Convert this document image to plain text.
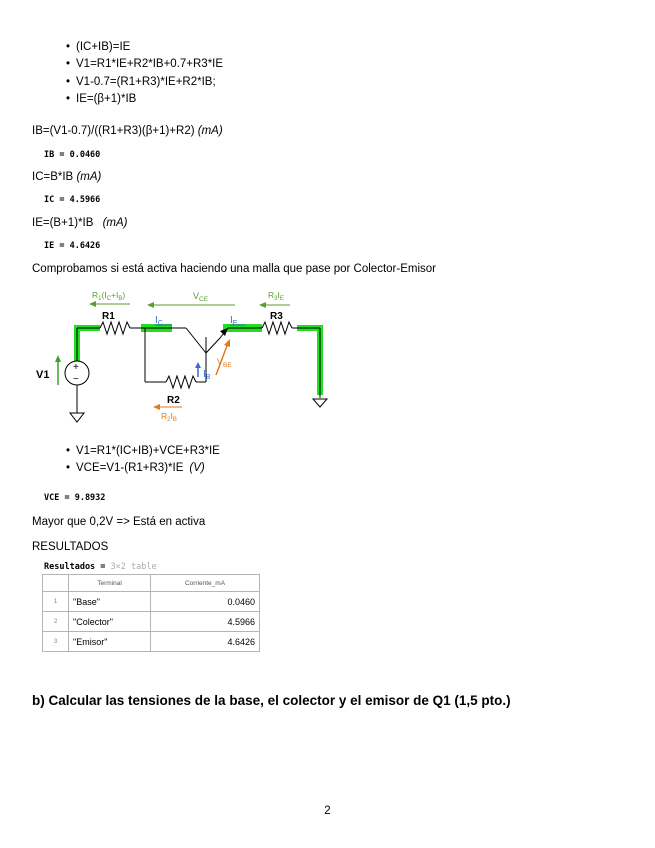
• (IC+IB)=IE
• V1=R1*IE+R2*IB+0.7+R3*IE
• V1-0.7=(R1+R3)*IE+R2*IB;
• IE=(β+1)*IB
IB=(V1-0.7)/((R1+R3)(β+1)+R2) (mA)
IB = 0.0460
IC=B*IB (mA)
IC = 4.5966
IE=(B+1)*IB (mA)
IE = 4.6426
Comprobamos si está activa haciendo una malla que pase por Colector-Emisor
+
−
R1	R3
R2
V1
$I_C$	$I_E$
$I_B$
$V_{BE}$
$V_{CE}$
$R_1(I_C+I_B)$	$R_3I_E$
$R_2I_B$
• V1=R1*(IC+IB)+VCE+R3*IE
• VCE=V1-(R1+R3)*IE (V)
VCE = 9.8932
Mayor que 0,2V => Está en activa
RESULTADOS
Resultados = 3×2 table
	Terminal	Corriente_mA
1	"Base"	0.0460
2	"Colector"	4.5966
3	"Emisor"	4.6426
b) Calcular las tensiones de la base, el colector y el emisor de Q1 (1,5 pto.)
2
